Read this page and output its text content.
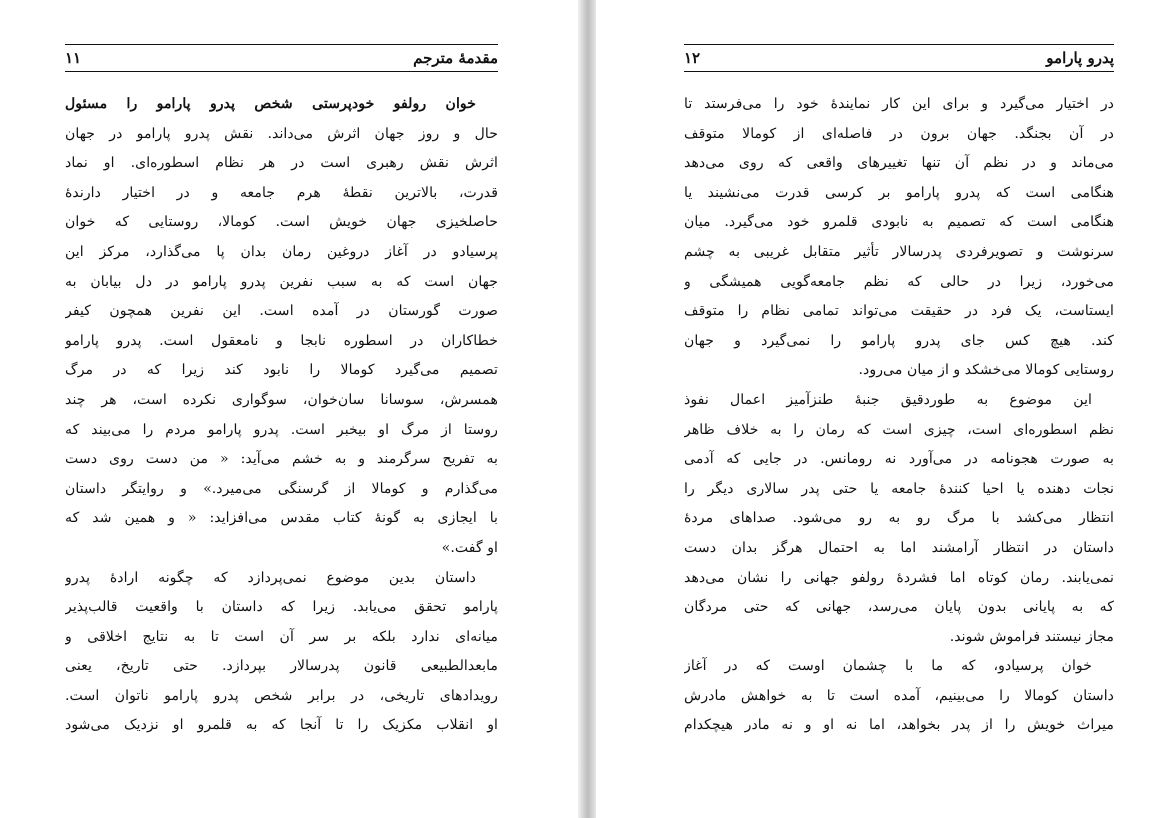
مقدمهٔ مترجم
۱۱
خوان رولفو خودپرستی شخص پدرو پارامو را مسئول
حال و روز جهان اثرش می‌داند. نقش پدرو پارامو در جهان
اثرش نقش رهبری است در هر نظام اسطوره‌ای. او نماد
قدرت، بالاترین نقطهٔ هرم جامعه و در اختیار دارندهٔ
حاصلخیزی جهان خویش است. کومالا، روستایی که خوان
پرسیادو در آغاز دروغین رمان بدان پا می‌گذارد، مرکز این
جهان است که به سبب نفرین پدرو پارامو در دل بیابان به
صورت گورستان در آمده است. این نفرین همچون کیفر
خطاکاران در اسطوره نابجا و نامعقول است. پدرو پارامو
تصمیم می‌گیرد کومالا را نابود کند زیرا که در مرگ
همسرش، سوسانا سان‌خوان، سوگواری نکرده است، هر چند
روستا از مرگ او بیخبر است. پدرو پارامو مردم را می‌بیند که
به تفریح سرگرمند و به خشم می‌آید: « من دست روی دست
می‌گذارم و کومالا از گرسنگی می‌میرد.» و روایتگر داستان
با ایجازی به گونهٔ کتاب مقدس می‌افزاید: « و همین شد که
او گفت.»
داستان بدین موضوع نمی‌پردازد که چگونه ارادهٔ پدرو
پارامو تحقق می‌یابد. زیرا که داستان با واقعیت قالب‌پذیر
میانه‌ای ندارد بلکه بر سر آن است تا به نتایج اخلاقی و
مابعدالطبیعی قانون پدرسالار بپردازد. حتی تاریخ، یعنی
رویدادهای تاریخی، در برابر شخص پدرو پارامو ناتوان است.
او انقلاب مکزیک را تا آنجا که به قلمرو او نزدیک می‌شود
پدرو پارامو
۱۲
در اختیار می‌گیرد و برای این کار نمایندهٔ خود را می‌فرستد تا
در آن بجنگد. جهان برون در فاصله‌ای از کومالا متوقف
می‌ماند و در نظم آن تنها تغییرهای واقعی که روی می‌دهد
هنگامی است که پدرو پارامو بر کرسی قدرت می‌نشیند یا
هنگامی است که تصمیم به نابودی قلمرو خود می‌گیرد. میان
سرنوشت و تصویرفردی پدرسالار تأثیر متقابل غریبی به چشم
می‌خورد، زیرا در حالی که نظم جامعه‌گویی همیشگی و
ایستاست، یک فرد در حقیقت می‌تواند تمامی نظام را متوقف
کند. هیچ کس جای پدرو پارامو را نمی‌گیرد و جهان
روستایی کومالا می‌خشکد و از میان می‌رود.
این موضوع به طوردقیق جنبهٔ طنزآمیز اعمال نفوذ
نظم اسطوره‌ای است، چیزی است که رمان را به خلاف ظاهر
به صورت هجونامه در می‌آورد نه رومانس. در جایی که آدمی
نجات دهنده یا احیا کنندهٔ جامعه یا حتی پدر سالاری دیگر را
انتظار می‌کشد با مرگ رو به رو می‌شود. صداهای مردهٔ
داستان در انتظار آرامشند اما به احتمال هرگز بدان دست
نمی‌یابند. رمان کوتاه اما فشردهٔ رولفو جهانی را نشان می‌دهد
که به پایانی بدون پایان می‌رسد، جهانی که حتی مردگان
مجاز نیستند فراموش شوند.
خوان پرسیادو، که ما با چشمان اوست که در آغاز
داستان کومالا را می‌بینیم، آمده است تا به خواهش مادرش
میراث خویش را از پدر بخواهد، اما نه او و نه مادر هیچکدام
